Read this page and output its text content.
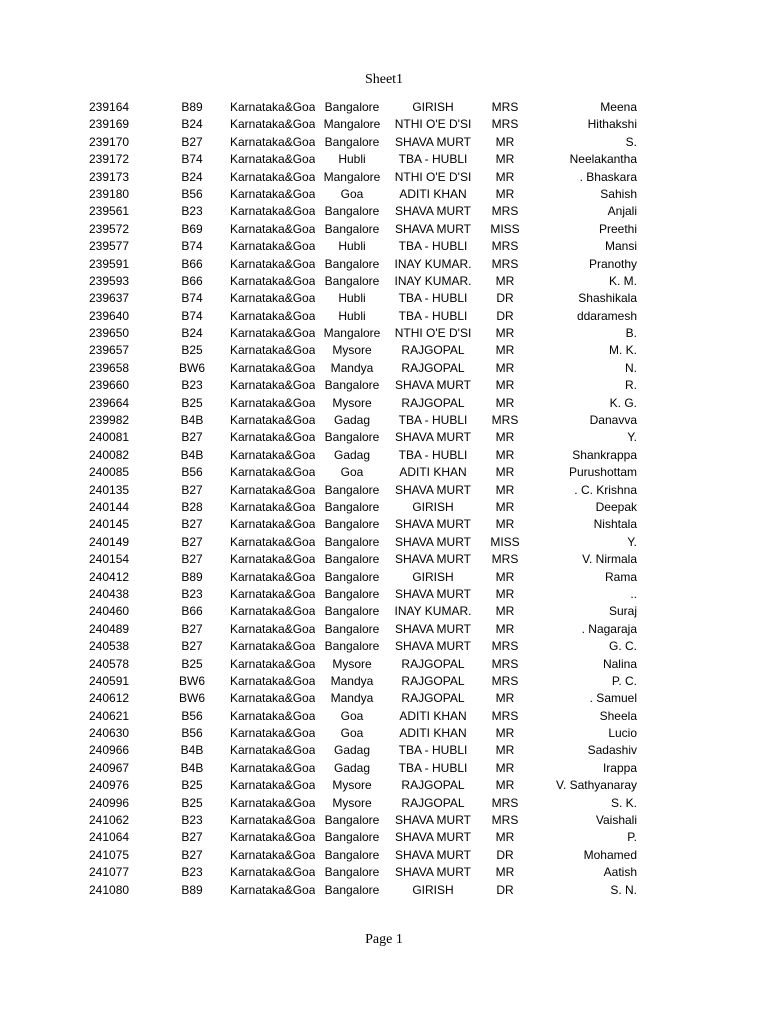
Sheet1
239164	B89	Karnataka&Goa Bangalore	GIRISH	MRS	Meena
239169	B24	Karnataka&Goa Mangalore	NTHI O'E D'SI	MRS	Hithakshi
239170	B27	Karnataka&Goa Bangalore	SHAVA MURT	MR	S.
239172	B74	Karnataka&Goa	Hubli	TBA - HUBLI	MR	Neelakantha
239173	B24	Karnataka&Goa Mangalore	NTHI O'E D'SI	MR	. Bhaskara
239180	B56	Karnataka&Goa	Goa	ADITI KHAN	MR	Sahish
239561	B23	Karnataka&Goa Bangalore	SHAVA MURT	MRS	Anjali
239572	B69	Karnataka&Goa Bangalore	SHAVA MURT	MISS	Preethi
239577	B74	Karnataka&Goa	Hubli	TBA - HUBLI	MRS	Mansi
239591	B66	Karnataka&Goa Bangalore	INAY KUMAR.	MRS	Pranothy
239593	B66	Karnataka&Goa Bangalore	INAY KUMAR.	MR	K. M.
239637	B74	Karnataka&Goa	Hubli	TBA - HUBLI	DR	Shashikala
239640	B74	Karnataka&Goa	Hubli	TBA - HUBLI	DR	ddaramesh
239650	B24	Karnataka&Goa Mangalore	NTHI O'E D'SI	MR	B.
239657	B25	Karnataka&Goa	Mysore	RAJGOPAL	MR	M. K.
239658	BW6	Karnataka&Goa	Mandya	RAJGOPAL	MR	N.
239660	B23	Karnataka&Goa Bangalore	SHAVA MURT	MR	R.
239664	B25	Karnataka&Goa	Mysore	RAJGOPAL	MR	K. G.
239982	B4B	Karnataka&Goa	Gadag	TBA - HUBLI	MRS	Danavva
240081	B27	Karnataka&Goa Bangalore	SHAVA MURT	MR	Y.
240082	B4B	Karnataka&Goa	Gadag	TBA - HUBLI	MR	Shankrappa
240085	B56	Karnataka&Goa	Goa	ADITI KHAN	MR	Purushottam
240135	B27	Karnataka&Goa Bangalore	SHAVA MURT	MR	. C. Krishna
240144	B28	Karnataka&Goa Bangalore	GIRISH	MR	Deepak
240145	B27	Karnataka&Goa Bangalore	SHAVA MURT	MR	Nishtala
240149	B27	Karnataka&Goa Bangalore	SHAVA MURT	MISS	Y.
240154	B27	Karnataka&Goa Bangalore	SHAVA MURT	MRS	V. Nirmala
240412	B89	Karnataka&Goa Bangalore	GIRISH	MR	Rama
240438	B23	Karnataka&Goa Bangalore	SHAVA MURT	MR	..
240460	B66	Karnataka&Goa Bangalore	INAY KUMAR.	MR	Suraj
240489	B27	Karnataka&Goa Bangalore	SHAVA MURT	MR	. Nagaraja
240538	B27	Karnataka&Goa Bangalore	SHAVA MURT	MRS	G. C.
240578	B25	Karnataka&Goa	Mysore	RAJGOPAL	MRS	Nalina
240591	BW6	Karnataka&Goa	Mandya	RAJGOPAL	MRS	P. C.
240612	BW6	Karnataka&Goa	Mandya	RAJGOPAL	MR	. Samuel
240621	B56	Karnataka&Goa	Goa	ADITI KHAN	MRS	Sheela
240630	B56	Karnataka&Goa	Goa	ADITI KHAN	MR	Lucio
240966	B4B	Karnataka&Goa	Gadag	TBA - HUBLI	MR	Sadashiv
240967	B4B	Karnataka&Goa	Gadag	TBA - HUBLI	MR	Irappa
240976	B25	Karnataka&Goa	Mysore	RAJGOPAL	MR	V. Sathyanaray
240996	B25	Karnataka&Goa	Mysore	RAJGOPAL	MRS	S. K.
241062	B23	Karnataka&Goa Bangalore	SHAVA MURT	MRS	Vaishali
241064	B27	Karnataka&Goa Bangalore	SHAVA MURT	MR	P.
241075	B27	Karnataka&Goa Bangalore	SHAVA MURT	DR	Mohamed
241077	B23	Karnataka&Goa Bangalore	SHAVA MURT	MR	Aatish
241080	B89	Karnataka&Goa Bangalore	GIRISH	DR	S. N.
Page 1
